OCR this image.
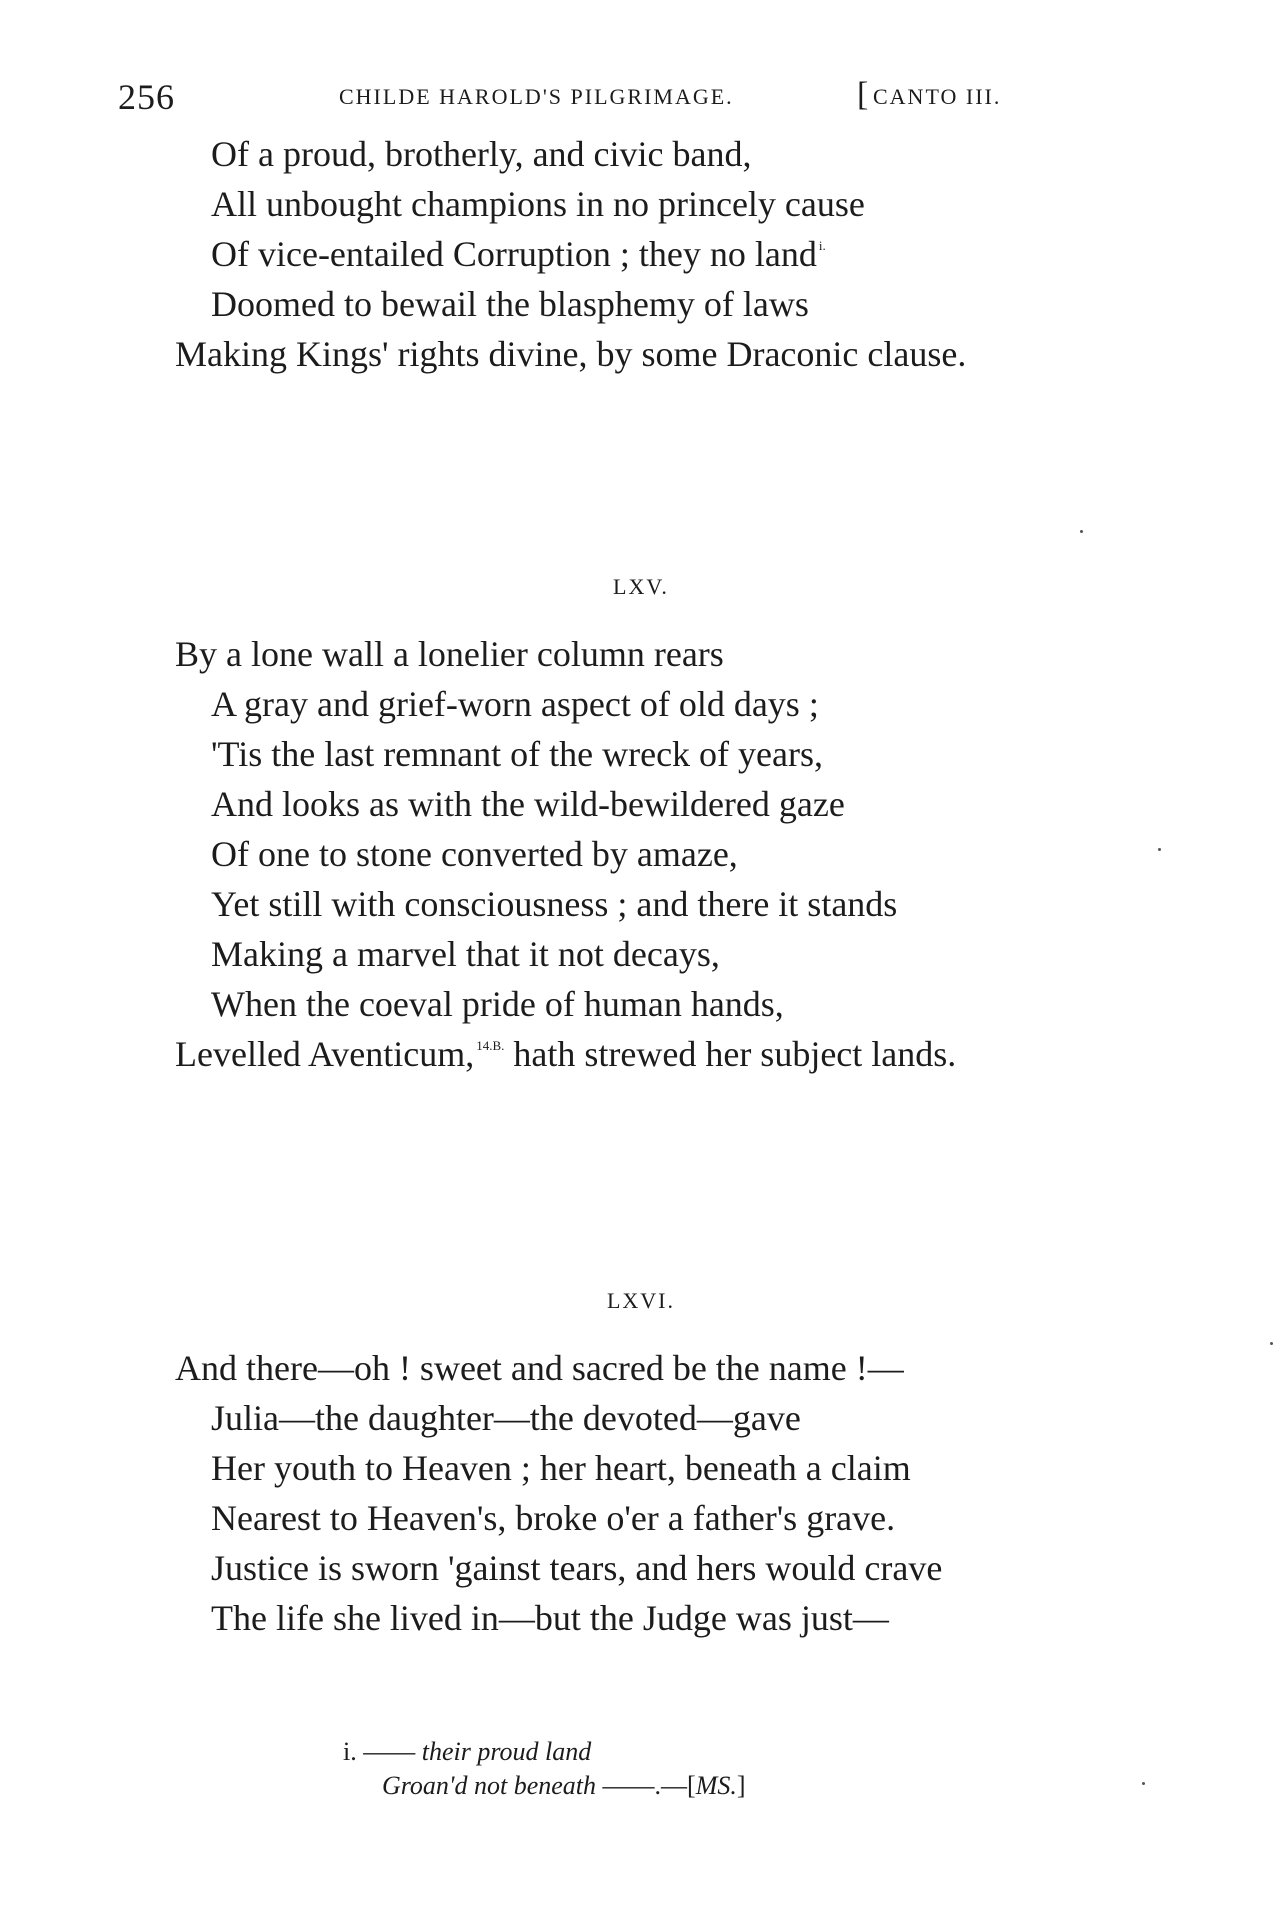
256	CHILDE HAROLD'S PILGRIMAGE.
[	CANTO III.
Of a proud, brotherly, and civic band,
All unbought champions in no princely cause
Of vice-entailed Corruption ; they no land $^{i.}$
Doomed to bewail the blasphemy of laws
Making Kings' rights divine, by some Draconic clause.
LXV.
By a lone wall a lonelier column rears
A gray and grief-worn aspect of old days ;
'Tis the last remnant of the wreck of years,
And looks as with the wild-bewildered gaze
Of one to stone converted by amaze,
Yet still with consciousness ; and there it stands
Making a marvel that it not decays,
When the coeval pride of human hands,
Levelled Aventicum, $^{14.B.}$ hath strewed her subject lands.
LXVI.
And there—oh ! sweet and sacred be the name !—
Julia—the daughter—the devoted—gave
Her youth to Heaven ; her heart, beneath a claim
Nearest to Heaven's, broke o'er a father's grave.
Justice is sworn 'gainst tears, and hers would crave
The life she lived in—but the Judge was just—
i. —— their proud land
Groan'd not beneath ——.—[MS.]
